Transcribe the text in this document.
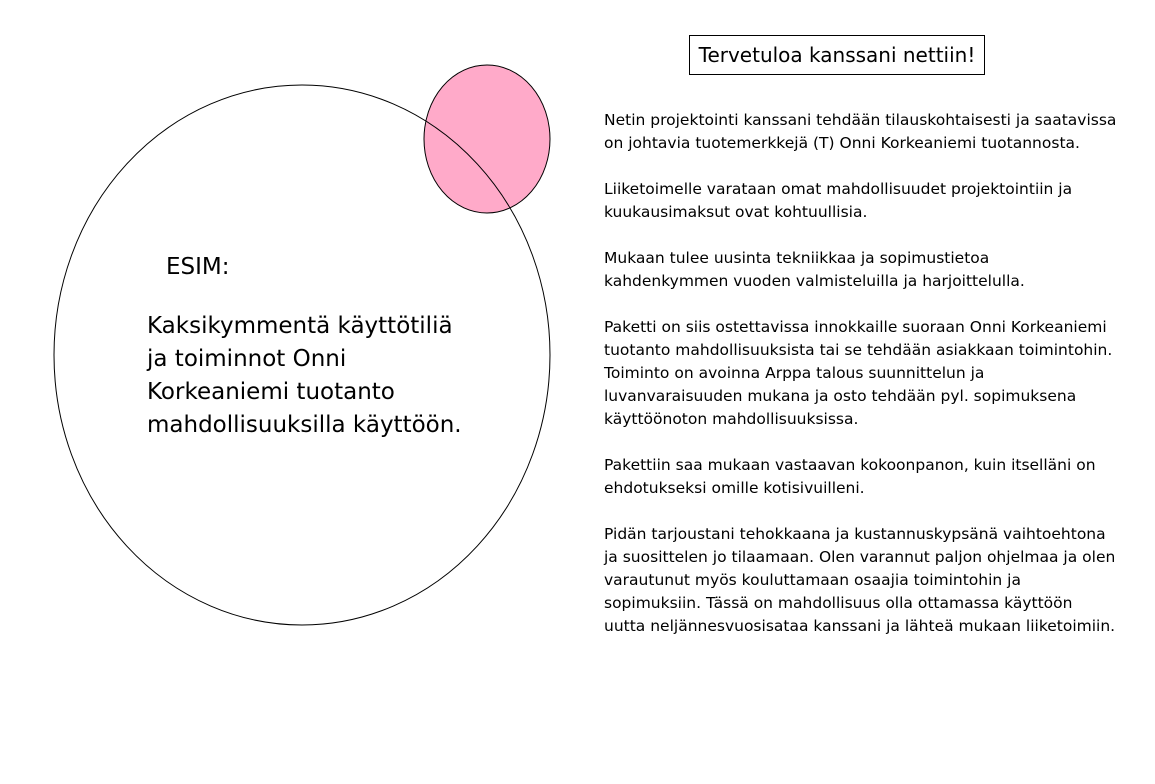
ESIM:
Kaksikymmentä käyttötiliä
ja toiminnot Onni
Korkeaniemi tuotanto
mahdollisuuksilla käyttöön.
Tervetuloa kanssani nettiin!
Netin projektointi kanssani tehdään tilauskohtaisesti ja saatavissa
on johtavia tuotemerkkejä (T) Onni Korkeaniemi tuotannosta.
Liiketoimelle varataan omat mahdollisuudet projektointiin ja
kuukausimaksut ovat kohtuullisia.
Mukaan tulee uusinta tekniikkaa ja sopimustietoa
kahdenkymmen vuoden valmisteluilla ja harjoittelulla.
Paketti on siis ostettavissa innokkaille suoraan Onni Korkeaniemi
tuotanto mahdollisuuksista tai se tehdään asiakkaan toimintohin.
Toiminto on avoinna Arppa talous suunnittelun ja
luvanvaraisuuden mukana ja osto tehdään pyl. sopimuksena
käyttöönoton mahdollisuuksissa.
Pakettiin saa mukaan vastaavan kokoonpanon, kuin itselläni on
ehdotukseksi omille kotisivuilleni.
Pidän tarjoustani tehokkaana ja kustannuskypsänä vaihtoehtona
ja suosittelen jo tilaamaan. Olen varannut paljon ohjelmaa ja olen
varautunut myös kouluttamaan osaajia toimintohin ja
sopimuksiin. Tässä on mahdollisuus olla ottamassa käyttöön
uutta neljännesvuosisataa kanssani ja lähteä mukaan liiketoimiin.
